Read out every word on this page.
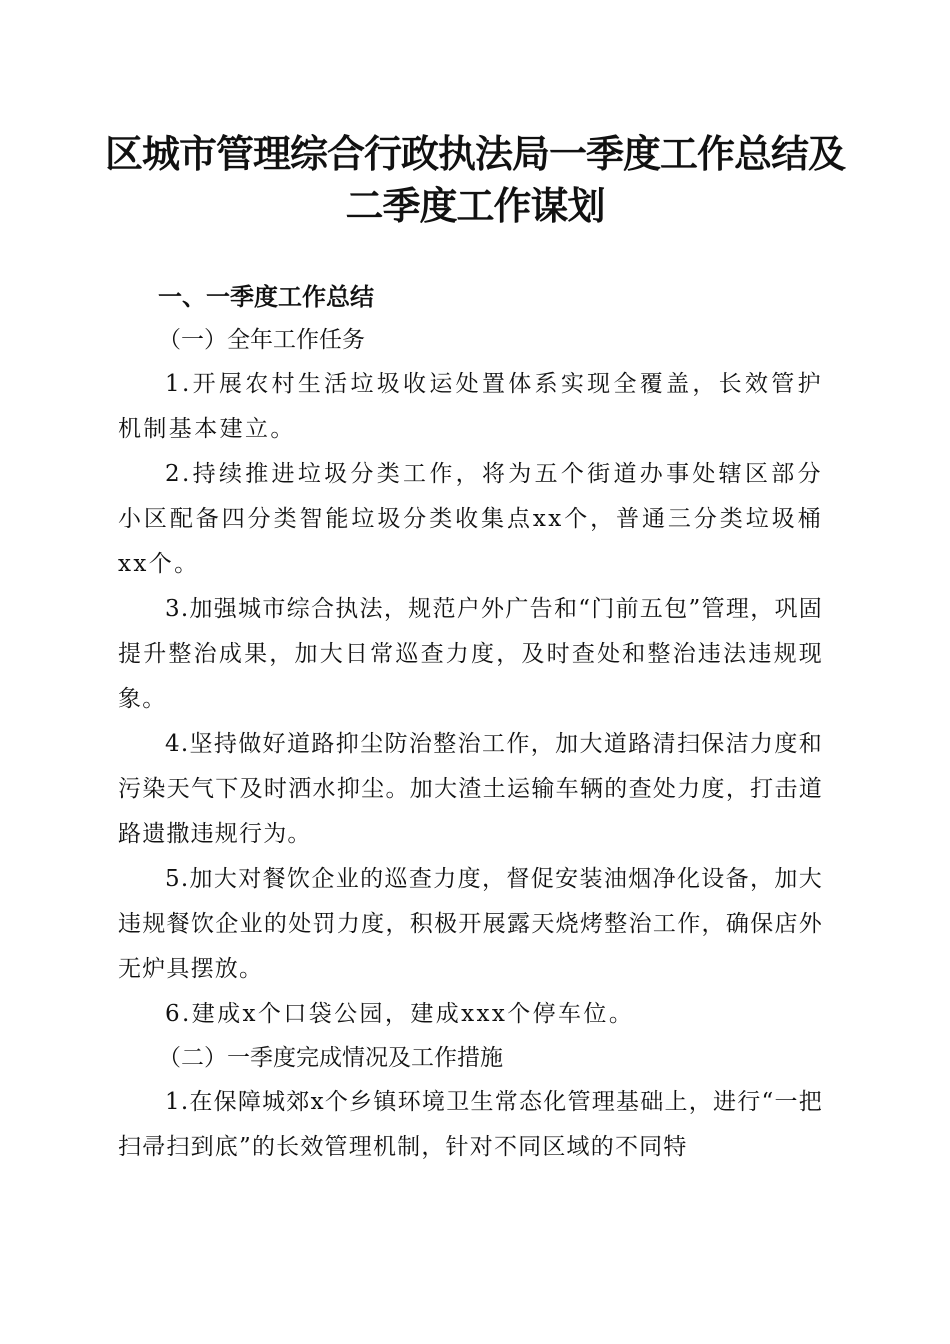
区城市管理综合行政执法局一季度工作总结及
二季度工作谋划

一、一季度工作总结

（一）全年工作任务

1.开展农村生活垃圾收运处置体系实现全覆盖，长效管护机制基本建立。

2.持续推进垃圾分类工作，将为五个街道办事处辖区部分小区配备四分类智能垃圾分类收集点xx个，普通三分类垃圾桶xx个。

3.加强城市综合执法，规范户外广告和“门前五包”管理，巩固提升整治成果，加大日常巡查力度，及时查处和整治违法违规现象。

4.坚持做好道路抑尘防治整治工作，加大道路清扫保洁力度和污染天气下及时洒水抑尘。加大渣土运输车辆的查处力度，打击道路遗撒违规行为。

5.加大对餐饮企业的巡查力度，督促安装油烟净化设备，加大违规餐饮企业的处罚力度，积极开展露天烧烤整治工作，确保店外无炉具摆放。

6.建成x个口袋公园，建成xxx个停车位。

（二）一季度完成情况及工作措施

1.在保障城郊x个乡镇环境卫生常态化管理基础上，进行“一把扫帚扫到底”的长效管理机制，针对不同区域的不同特
